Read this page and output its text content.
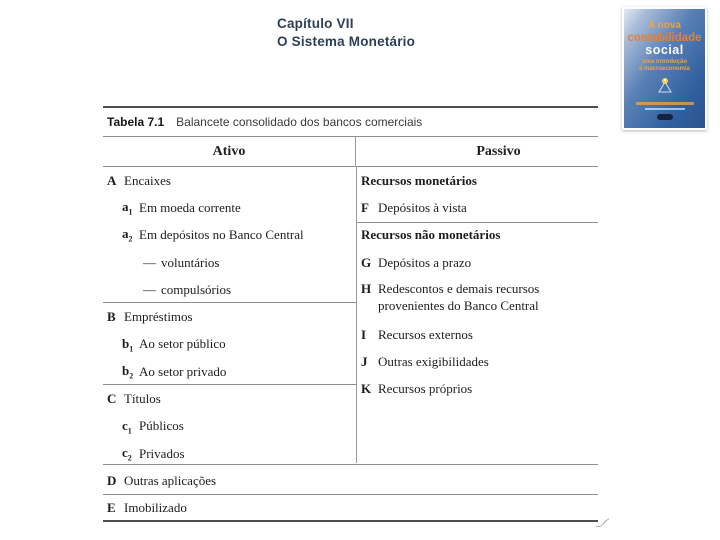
Capítulo VII
O Sistema Monetário
A nova
contabilidade
social
uma introdução
à macroeconomia
Tabela 7.1 Balancete consolidado dos bancos comerciais
Ativo	Passivo
A Encaixes
$a_1$ Em moeda corrente
$a_2$ Em depósitos no Banco Central
— voluntários
— compulsórios
B Empréstimos
$b_1$ Ao setor público
$b_2$ Ao setor privado
C Títulos
$c_1$ Públicos
$c_2$ Privados
D Outras aplicações
E Imobilizado
Recursos monetários
F Depósitos à vista
Recursos não monetários
G Depósitos a prazo
H Redescontos e demais recursos provenientes do Banco Central
I Recursos externos
J Outras exigibilidades
K Recursos próprios
